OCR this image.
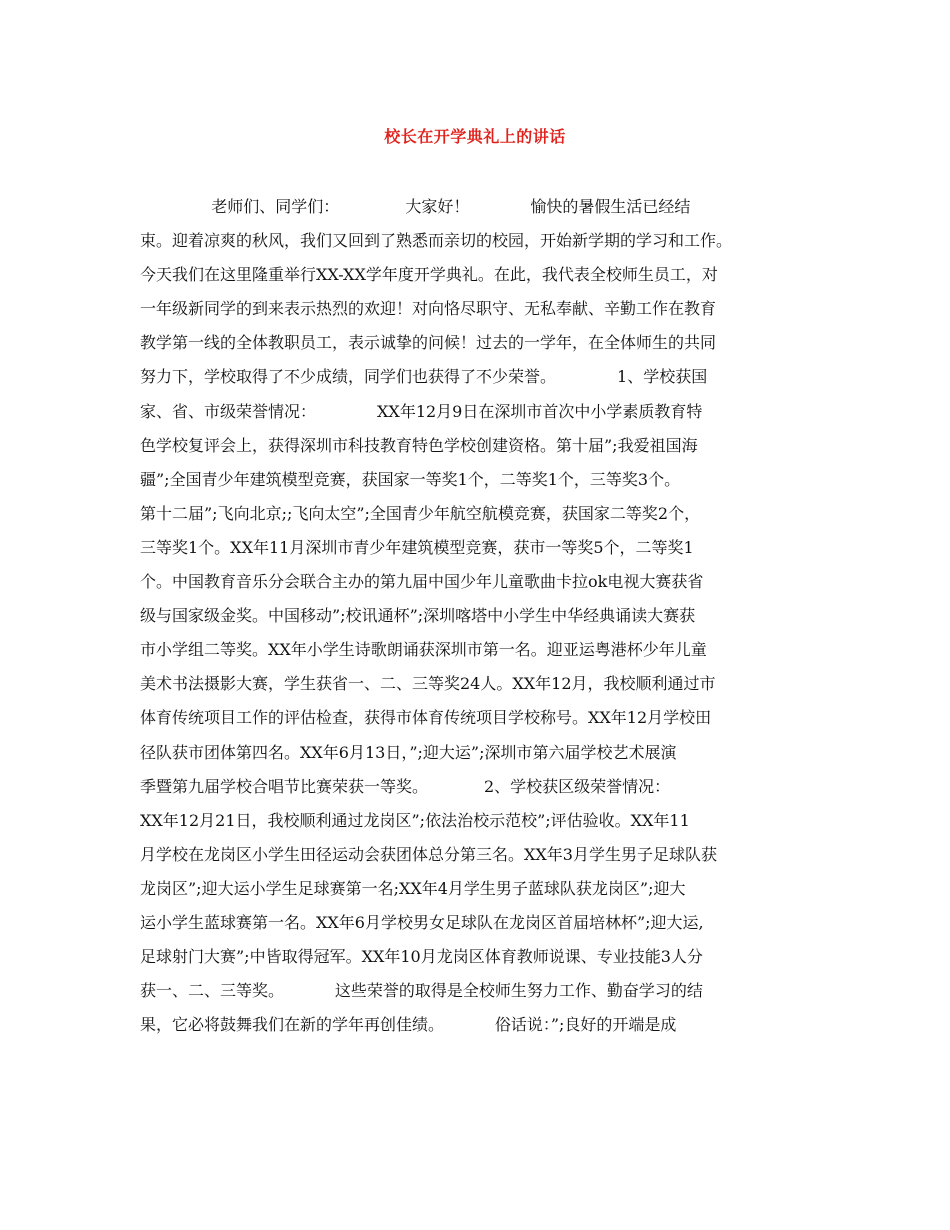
校长在开学典礼上的讲话
老师们、同学们：             大家好！            愉快的暑假生活已经结
束。迎着凉爽的秋风，我们又回到了熟悉而亲切的校园，开始新学期的学习和工作。
今天我们在这里隆重举行XX-XX学年度开学典礼。在此，我代表全校师生员工，对
一年级新同学的到来表示热烈的欢迎！对向恪尽职守、无私奉献、辛勤工作在教育
教学第一线的全体教职员工，表示诚挚的问候！过去的一学年，在全体师生的共同
努力下，学校取得了不少成绩，同学们也获得了不少荣誉。            1、学校获国
家、省、市级荣誉情况：            XX年12月9日在深圳市首次中小学素质教育特
色学校复评会上，获得深圳市科技教育特色学校创建资格。第十届”;我爱祖国海
疆”;全国青少年建筑模型竞赛，获国家一等奖1个，二等奖1个，三等奖3个。
第十二届”;飞向北京;;飞向太空”;全国青少年航空航模竞赛，获国家二等奖2个，
三等奖1个。XX年11月深圳市青少年建筑模型竞赛，获市一等奖5个，二等奖1
个。中国教育音乐分会联合主办的第九届中国少年儿童歌曲卡拉ok电视大赛获省
级与国家级金奖。中国移动”;校讯通杯”;深圳喀塔中小学生中华经典诵读大赛获
市小学组二等奖。XX年小学生诗歌朗诵获深圳市第一名。迎亚运粤港杯少年儿童
美术书法摄影大赛，学生获省一、二、三等奖24人。XX年12月，我校顺利通过市
体育传统项目工作的评估检查，获得市体育传统项目学校称号。XX年12月学校田
径队获市团体第四名。XX年6月13日，”;迎大运”;深圳市第六届学校艺术展演
季暨第九届学校合唱节比赛荣获一等奖。           2、学校获区级荣誉情况：
XX年12月21日，我校顺利通过龙岗区”;依法治校示范校”;评估验收。XX年11
月学校在龙岗区小学生田径运动会获团体总分第三名。XX年3月学生男子足球队获
龙岗区”;迎大运小学生足球赛第一名;XX年4月学生男子蓝球队获龙岗区”;迎大
运小学生蓝球赛第一名。XX年6月学校男女足球队在龙岗区首届培林杯”;迎大运,
足球射门大赛”;中皆取得冠军。XX年10月龙岗区体育教师说课、专业技能3人分
获一、二、三等奖。          这些荣誉的取得是全校师生努力工作、勤奋学习的结
果，它必将鼓舞我们在新的学年再创佳绩。          俗话说：”;良好的开端是成
